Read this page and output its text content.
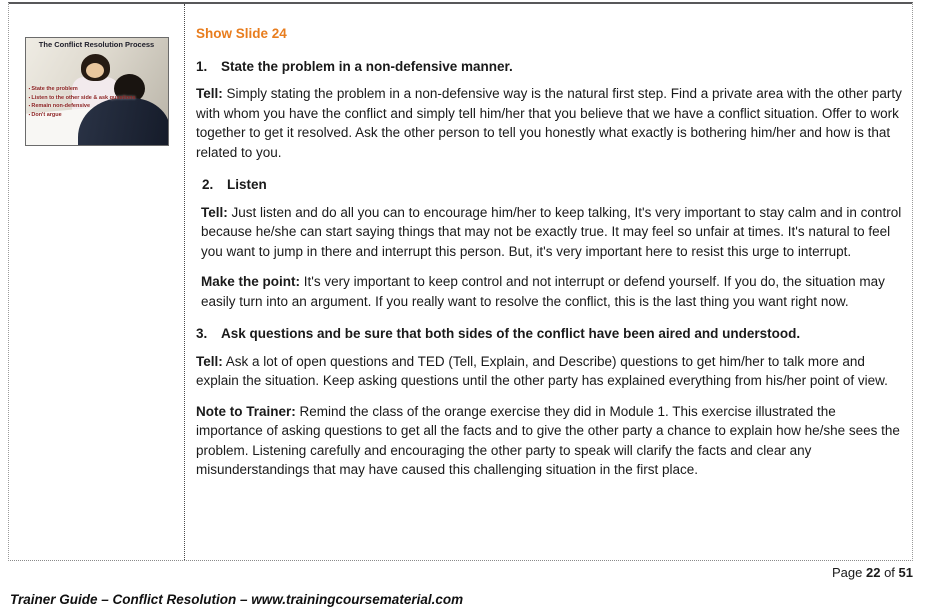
The Conflict Resolution Process
▪ State the problem
▪ Listen to the other side & ask questions
▪ Remain non-defensive
▪ Don't argue
Show Slide 24
1.	State the problem in a non-defensive manner.

Tell: Simply stating the problem in a non-defensive way is the natural first step. Find a private area with the other party with whom you have the conflict and simply tell him/her that you believe that we have a conflict situation. Offer to work together to get it resolved. Ask the other person to tell you honestly what exactly is bothering him/her and how is that related to you.

2.	Listen

Tell: Just listen and do all you can to encourage him/her to keep talking, It's very important to stay calm and in control because he/she can start saying things that may not be exactly true. It may feel so unfair at times. It's natural to feel you want to jump in there and interrupt this person. But, it's very important here to resist this urge to interrupt.

Make the point: It's very important to keep control and not interrupt or defend yourself. If you do, the situation may easily turn into an argument. If you really want to resolve the conflict, this is the last thing you want right now.

3.	Ask questions and be sure that both sides of the conflict have been aired and understood.

Tell: Ask a lot of open questions and TED (Tell, Explain, and Describe) questions to get him/her to talk more and explain the situation. Keep asking questions until the other party has explained everything from his/her point of view.

Note to Trainer: Remind the class of the orange exercise they did in Module 1. This exercise illustrated the importance of asking questions to get all the facts and to give the other party a chance to explain how he/she sees the problem. Listening carefully and encouraging the other party to speak will clarify the facts and clear any misunderstandings that may have caused this challenging situation in the first place.

Page 22 of 51
Trainer Guide – Conflict Resolution – www.trainingcoursematerial.com
